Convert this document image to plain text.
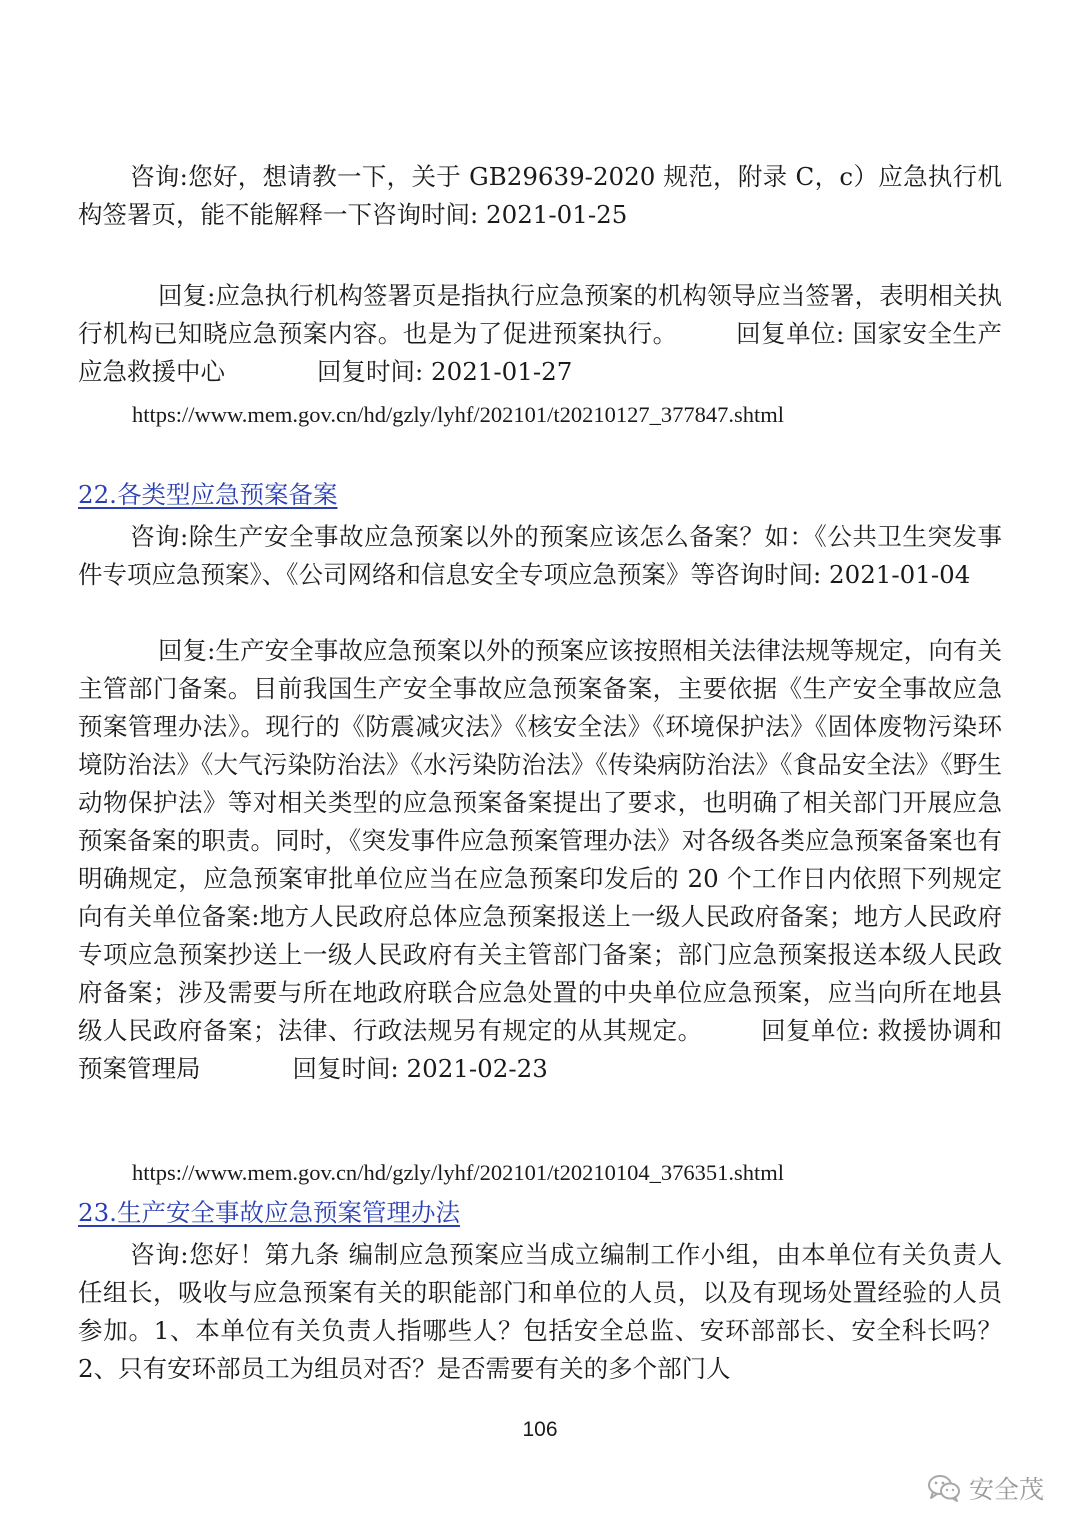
咨询:您好，想请教一下，关于 GB29639-2020 规范，附录 C，c）应急执行机构签署页，能不能解释一下咨询时间: 2021-01-25

回复:应急执行机构签署页是指执行应急预案的机构领导应当签署，表明相关执行机构已知晓应急预案内容。也是为了促进预案执行。 回复单位: 国家安全生产应急救援中心	回复时间: 2021-01-27

https://www.mem.gov.cn/hd/gzly/lyhf/202101/t20210127_377847.shtml
22.各类型应急预案备案

咨询:除生产安全事故应急预案以外的预案应该怎么备案？如：《公共卫生突发事件专项应急预案》、《公司网络和信息安全专项应急预案》等咨询时间: 2021-01-04

回复:生产安全事故应急预案以外的预案应该按照相关法律法规等规定，向有关主管部门备案。目前我国生产安全事故应急预案备案，主要依据《生产安全事故应急预案管理办法》。现行的《防震减灾法》《核安全法》《环境保护法》《固体废物污染环境防治法》《大气污染防治法》《水污染防治法》《传染病防治法》《食品安全法》《野生动物保护法》等对相关类型的应急预案备案提出了要求，也明确了相关部门开展应急预案备案的职责。同时，《突发事件应急预案管理办法》对各级各类应急预案备案也有明确规定，应急预案审批单位应当在应急预案印发后的 20 个工作日内依照下列规定向有关单位备案:地方人民政府总体应急预案报送上一级人民政府备案；地方人民政府专项应急预案抄送上一级人民政府有关主管部门备案；部门应急预案报送本级人民政府备案；涉及需要与所在地政府联合应急处置的中央单位应急预案，应当向所在地县级人民政府备案；法律、行政法规另有规定的从其规定。 回复单位: 救援协调和预案管理局	回复时间: 2021-02-23

https://www.mem.gov.cn/hd/gzly/lyhf/202101/t20210104_376351.shtml
23.生产安全事故应急预案管理办法

咨询:您好！第九条 编制应急预案应当成立编制工作小组，由本单位有关负责人任组长，吸收与应急预案有关的职能部门和单位的人员，以及有现场处置经验的人员参加。1、本单位有关负责人指哪些人？包括安全总监、安环部部长、安全科长吗？2、只有安环部员工为组员对否？是否需要有关的多个部门人

106
安全茂
